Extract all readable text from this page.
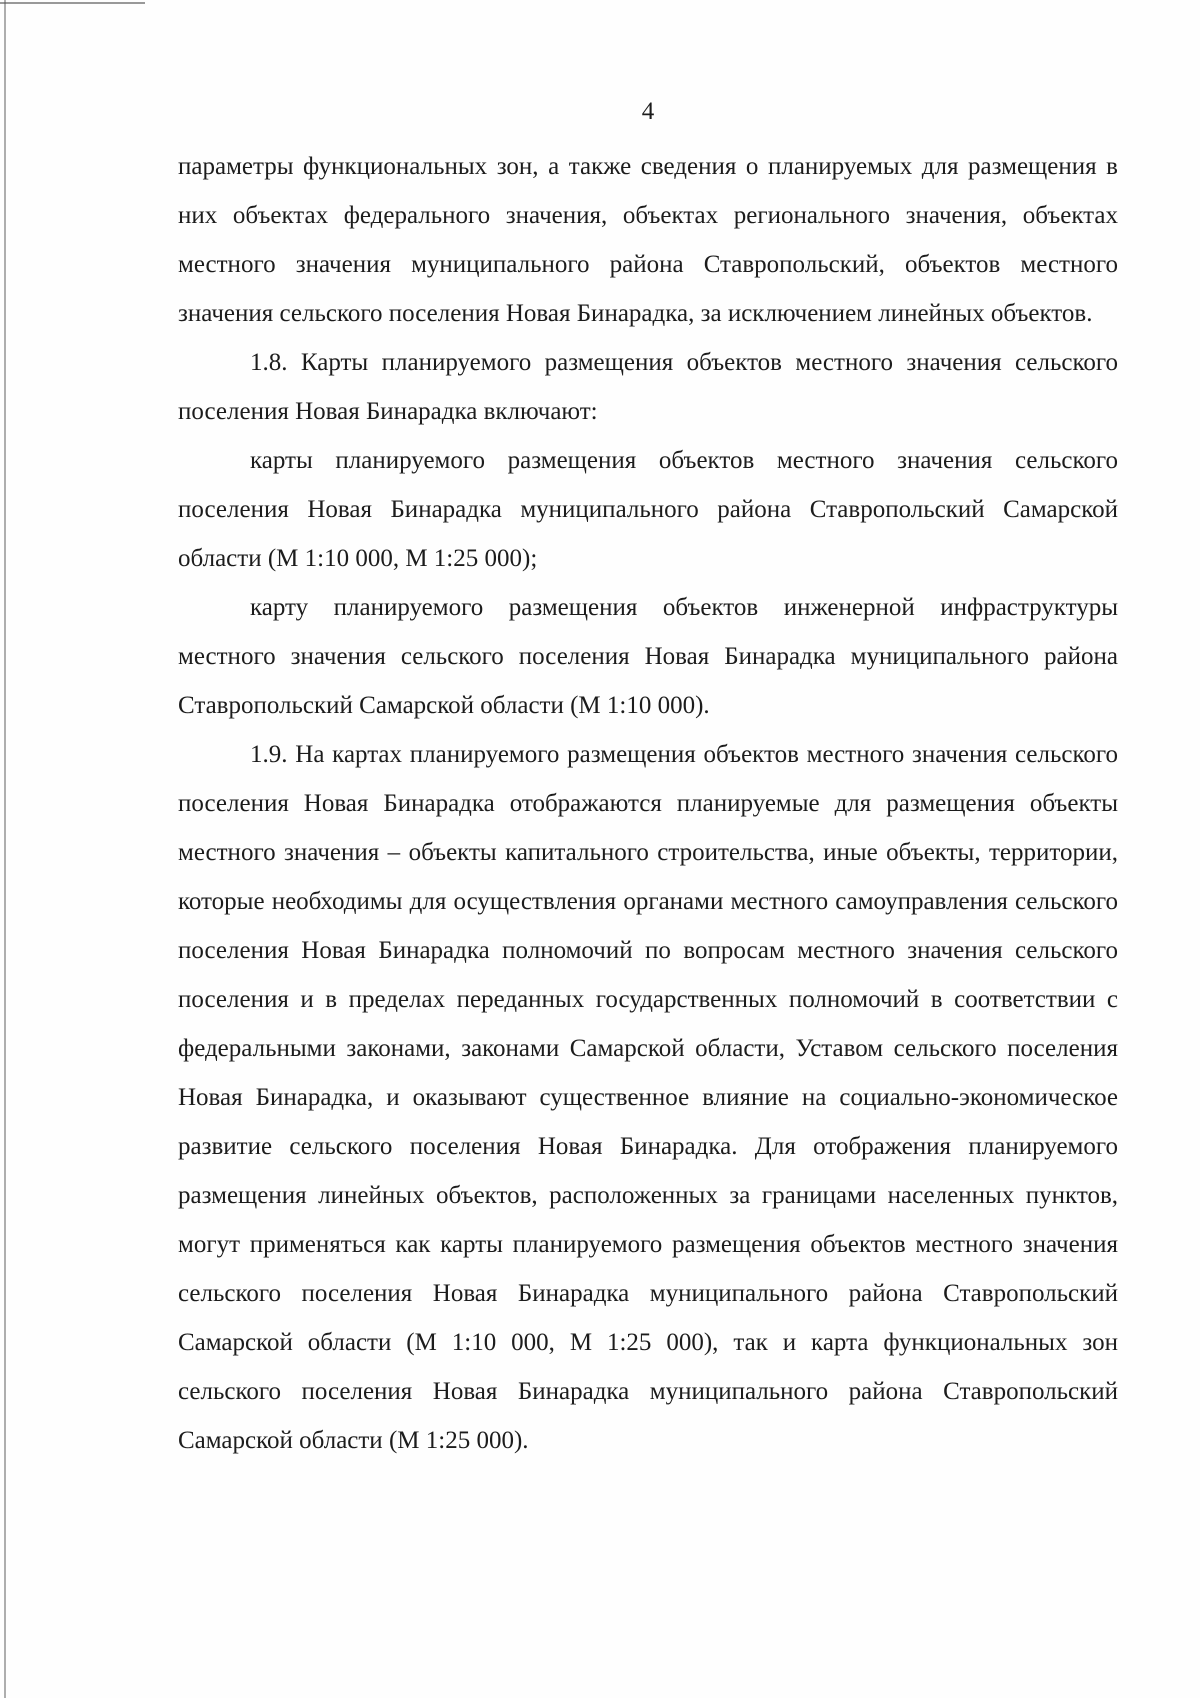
4

параметры функциональных зон, а также сведения о планируемых для размещения в них объектах федерального значения, объектах регионального значения, объектах местного значения муниципального района Ставропольский, объектов местного значения сельского поселения Новая Бинарадка, за исключением линейных объектов.

1.8. Карты планируемого размещения объектов местного значения сельского поселения Новая Бинарадка включают:

карты планируемого размещения объектов местного значения сельского поселения Новая Бинарадка муниципального района Ставропольский Самарской области (М 1:10 000, М 1:25 000);

карту планируемого размещения объектов инженерной инфраструктуры местного значения сельского поселения Новая Бинарадка муниципального района Ставропольский Самарской области (М 1:10 000).

1.9. На картах планируемого размещения объектов местного значения сельского поселения Новая Бинарадка отображаются планируемые для размещения объекты местного значения – объекты капитального строительства, иные объекты, территории, которые необходимы для осуществления органами местного самоуправления сельского поселения Новая Бинарадка полномочий по вопросам местного значения сельского поселения и в пределах переданных государственных полномочий в соответствии с федеральными законами, законами Самарской области, Уставом сельского поселения Новая Бинарадка, и оказывают существенное влияние на социально-экономическое развитие сельского поселения Новая Бинарадка. Для отображения планируемого размещения линейных объектов, расположенных за границами населенных пунктов, могут применяться как карты планируемого размещения объектов местного значения сельского поселения Новая Бинарадка муниципального района Ставропольский Самарской области (М 1:10 000, М 1:25 000), так и карта функциональных зон сельского поселения Новая Бинарадка муниципального района Ставропольский Самарской области (М 1:25 000).
